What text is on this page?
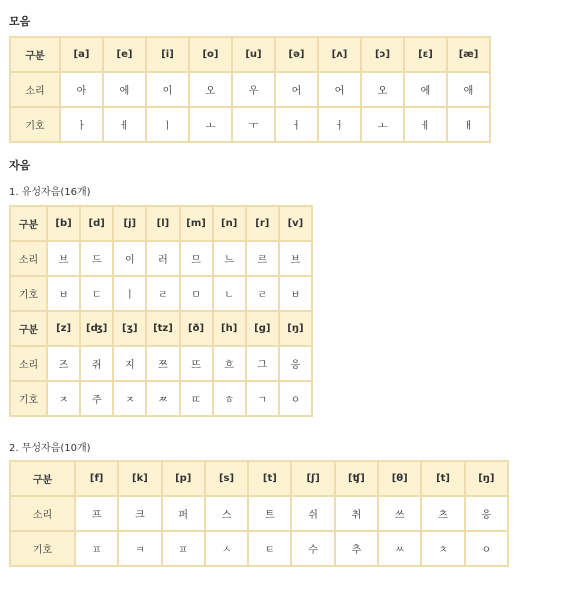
모음
구분	[a]	[e]	[i]	[o]	[u]	[ə]	[ʌ]	[ɔ]	[ɛ]	[æ]
소리	아	에	이	오	우	어	어	오	에	애
기호	ㅏ	ㅔ	ㅣ	ㅗ	ㅜ	ㅓ	ㅓ	ㅗ	ㅔ	ㅐ
자음
1. 유성자음(16개)
구분	[b]	[d]	[j]	[l]	[m]	[n]	[r]	[v]
소리	브	드	이	러	므	느	르	브
기호	ㅂ	ㄷ	ㅣ	ㄹ	ㅁ	ㄴ	ㄹ	ㅂ
구분	[z]	[ʤ]	[ʒ]	[tz]	[ð]	[h]	[g]	[ŋ]
소리	즈	쥐	지	쯔	뜨	흐	그	응
기호	ㅈ	주	ㅈ	ㅉ	ㄸ	ㅎ	ㄱ	ㅇ
2. 무성자음(10개)
구분	[f]	[k]	[p]	[s]	[t]	[ʃ]	[ʧ]	[θ]	[t]	[ŋ]
소리	프	크	퍼	스	트	쉬	취	쓰	츠	응
기호	ㅍ	ㅋ	ㅍ	ㅅ	ㅌ	수	추	ㅆ	ㅊ	ㅇ
